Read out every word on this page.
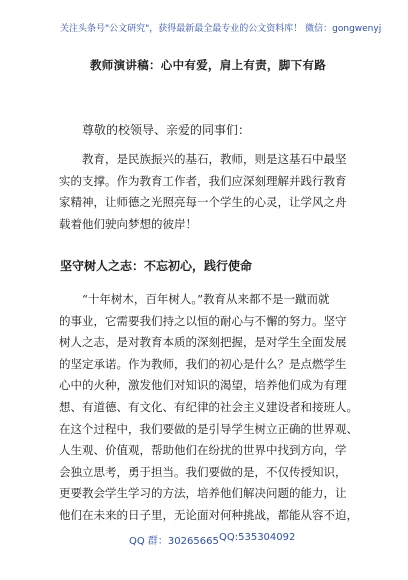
关注头条号"公文研究"，获得最新最全最专业的公文资料库！ 微信：gongwenyj
教师演讲稿：心中有爱，肩上有责，脚下有路
尊敬的校领导、亲爱的同事们：
　　教育，是民族振兴的基石，教师，则是这基石中最坚
实的支撑。作为教育工作者，我们应深刻理解并践行教育
家精神，让师德之光照亮每一个学生的心灵，让学风之舟
载着他们驶向梦想的彼岸！
坚守树人之志：不忘初心，践行使命
　　“十年树木，百年树人。”教育从来都不是一蹴而就
的事业，它需要我们持之以恒的耐心与不懈的努力。坚守
树人之志，是对教育本质的深刻把握，是对学生全面发展
的坚定承诺。作为教师，我们的初心是什么？是点燃学生
心中的火种，激发他们对知识的渴望，培养他们成为有理
想、有道德、有文化、有纪律的社会主义建设者和接班人。
在这个过程中，我们要做的是引导学生树立正确的世界观、
人生观、价值观，帮助他们在纷扰的世界中找到方向，学
会独立思考，勇于担当。我们要做的是，不仅传授知识，
更要教会学生学习的方法，培养他们解决问题的能力，让
他们在未来的日子里，无论面对何种挑战，都能从容不迫，
QQ 群：30265665 QQ:535304092
